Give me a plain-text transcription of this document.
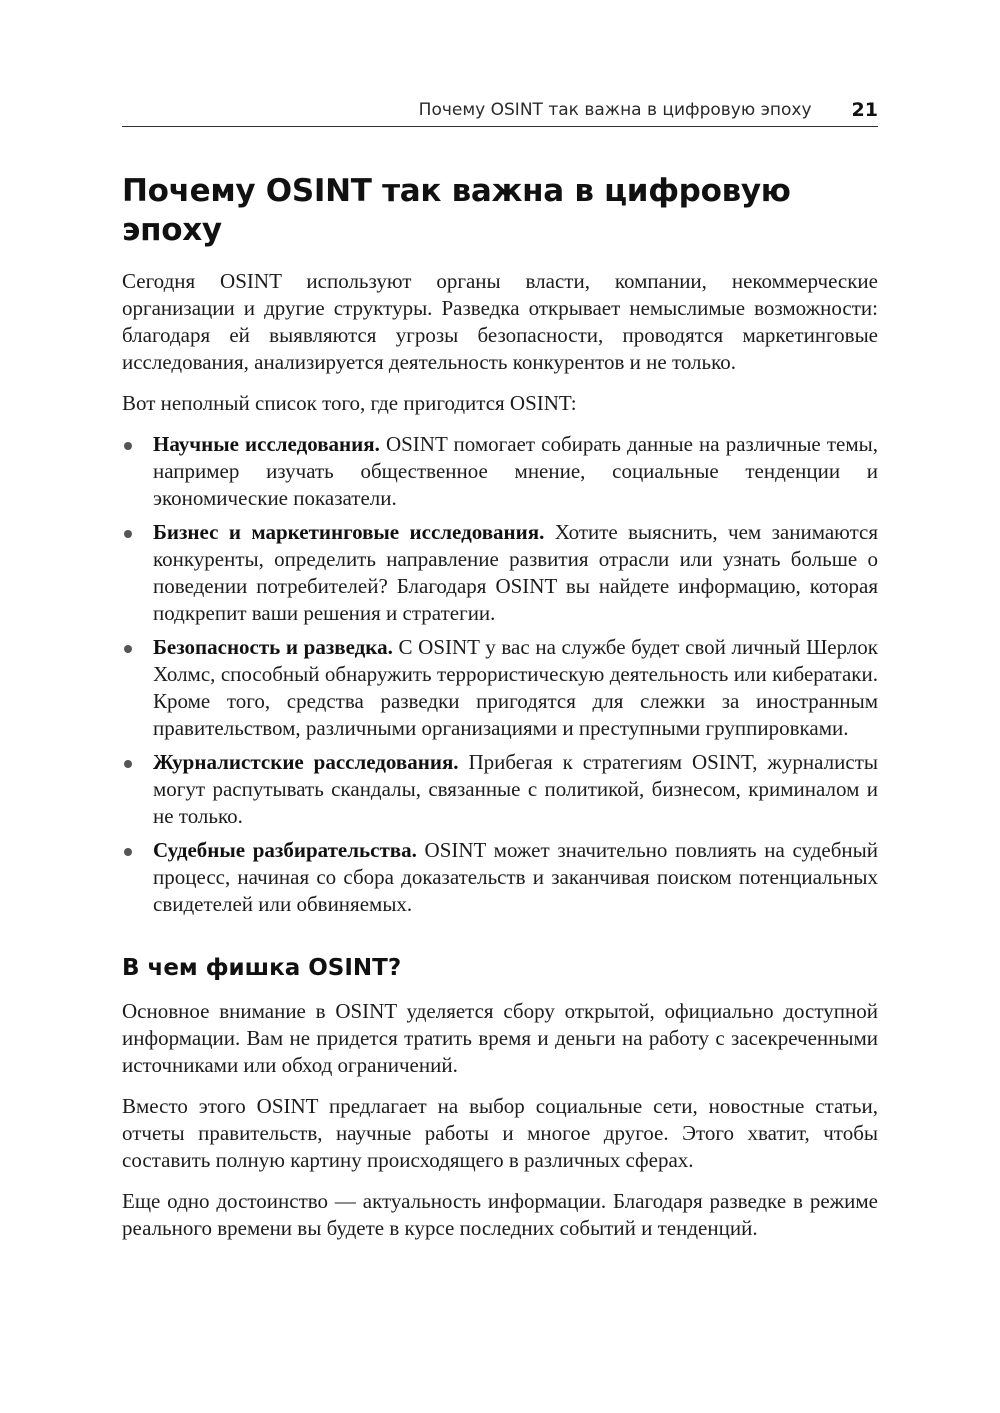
Почему OSINT так важна в цифровую эпоху 21
Почему OSINT так важна в цифровую эпоху

Сегодня OSINT используют органы власти, компании, некоммерческие организации и другие структуры. Разведка открывает немыслимые возможности: благодаря ей выявляются угрозы безопасности, проводятся маркетинговые исследования, анализируется деятельность конкурентов и не только.

Вот неполный список того, где пригодится OSINT:

Научные исследования. OSINT помогает собирать данные на различные темы, например изучать общественное мнение, социальные тенденции и экономические показатели.
Бизнес и маркетинговые исследования. Хотите выяснить, чем занимаются конкуренты, определить направление развития отрасли или узнать больше о поведении потребителей? Благодаря OSINT вы найдете информацию, которая подкрепит ваши решения и стратегии.
Безопасность и разведка. С OSINT у вас на службе будет свой личный Шерлок Холмс, способный обнаружить террористическую деятельность или кибератаки. Кроме того, средства разведки пригодятся для слежки за иностранным правительством, различными организациями и преступными группировками.
Журналистские расследования. Прибегая к стратегиям OSINT, журналисты могут распутывать скандалы, связанные с политикой, бизнесом, криминалом и не только.
Судебные разбирательства. OSINT может значительно повлиять на судебный процесс, начиная со сбора доказательств и заканчивая поиском потенциальных свидетелей или обвиняемых.
В чем фишка OSINT?

Основное внимание в OSINT уделяется сбору открытой, официально доступной информации. Вам не придется тратить время и деньги на работу с засекреченными источниками или обход ограничений.

Вместо этого OSINT предлагает на выбор социальные сети, новостные статьи, отчеты правительств, научные работы и многое другое. Этого хватит, чтобы составить полную картину происходящего в различных сферах.

Еще одно достоинство — актуальность информации. Благодаря разведке в режиме реального времени вы будете в курсе последних событий и тенденций.
